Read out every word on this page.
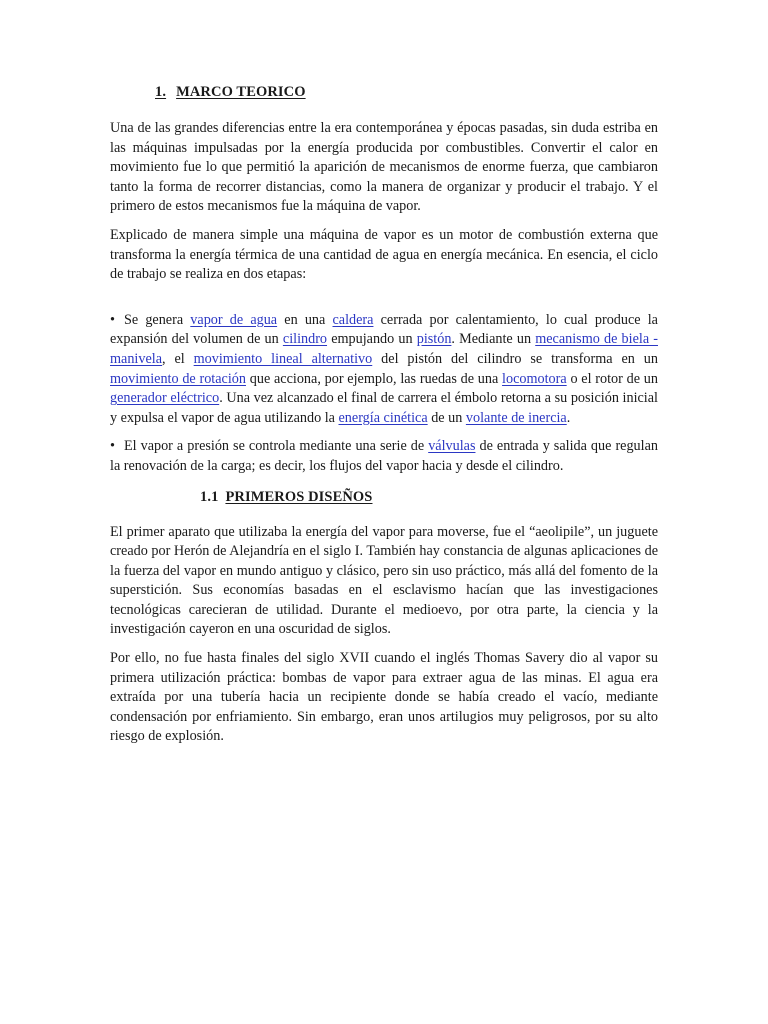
1. MARCO TEORICO

Una de las grandes diferencias entre la era contemporánea y épocas pasadas, sin duda estriba en las máquinas impulsadas por la energía producida por combustibles. Convertir el calor en movimiento fue lo que permitió la aparición de mecanismos de enorme fuerza, que cambiaron tanto la forma de recorrer distancias, como la manera de organizar y producir el trabajo. Y el primero de estos mecanismos fue la máquina de vapor.

Explicado de manera simple una máquina de vapor es un motor de combustión externa que transforma la energía térmica de una cantidad de agua en energía mecánica. En esencia, el ciclo de trabajo se realiza en dos etapas:

• Se genera vapor de agua en una caldera cerrada por calentamiento, lo cual produce la expansión del volumen de un cilindro empujando un pistón. Mediante un mecanismo de biela - manivela, el movimiento lineal alternativo del pistón del cilindro se transforma en un movimiento de rotación que acciona, por ejemplo, las ruedas de una locomotora o el rotor de un generador eléctrico. Una vez alcanzado el final de carrera el émbolo retorna a su posición inicial y expulsa el vapor de agua utilizando la energía cinética de un volante de inercia.

• El vapor a presión se controla mediante una serie de válvulas de entrada y salida que regulan la renovación de la carga; es decir, los flujos del vapor hacia y desde el cilindro.

1.1 PRIMEROS DISEÑOS

El primer aparato que utilizaba la energía del vapor para moverse, fue el “aeolipile”, un juguete creado por Herón de Alejandría en el siglo I. También hay constancia de algunas aplicaciones de la fuerza del vapor en mundo antiguo y clásico, pero sin uso práctico, más allá del fomento de la superstición. Sus economías basadas en el esclavismo hacían que las investigaciones tecnológicas carecieran de utilidad. Durante el medioevo, por otra parte, la ciencia y la investigación cayeron en una oscuridad de siglos.

Por ello, no fue hasta finales del siglo XVII cuando el inglés Thomas Savery dio al vapor su primera utilización práctica: bombas de vapor para extraer agua de las minas. El agua era extraída por una tubería hacia un recipiente donde se había creado el vacío, mediante condensación por enfriamiento. Sin embargo, eran unos artilugios muy peligrosos, por su alto riesgo de explosión.
